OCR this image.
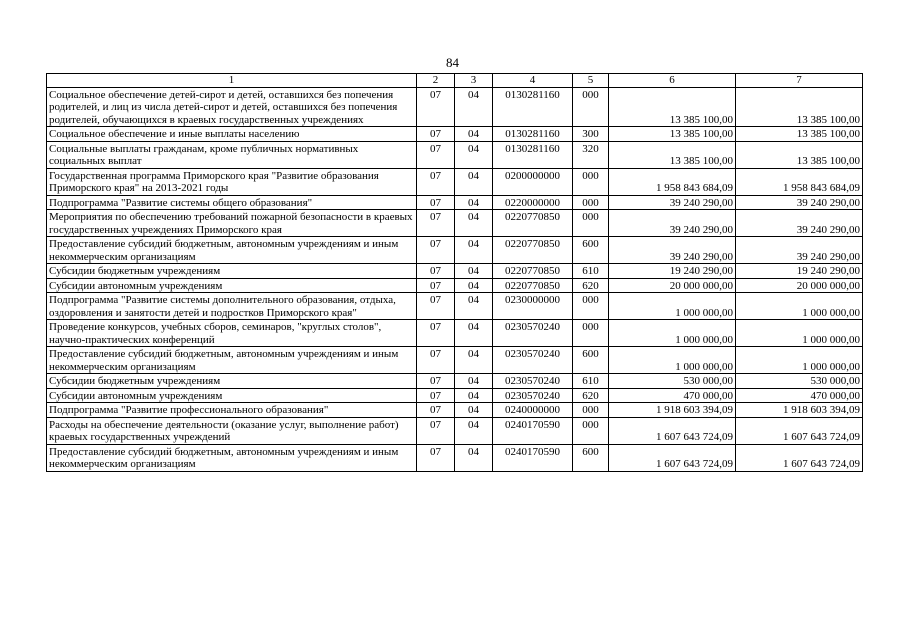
84
1	2	3	4	5	6	7
Социальное обеспечение детей-сирот и детей, оставшихся без попечения родителей, и лиц из числа детей-сирот и детей, оставшихся без попечения родителей, обучающихся в краевых государственных учреждениях	07	04	0130281160	000	13 385 100,00	13 385 100,00
Социальное обеспечение и иные выплаты населению	07	04	0130281160	300	13 385 100,00	13 385 100,00
Социальные выплаты гражданам, кроме публичных нормативных социальных выплат	07	04	0130281160	320	13 385 100,00	13 385 100,00
Государственная программа Приморского края "Развитие образования Приморского края" на 2013-2021 годы	07	04	0200000000	000	1 958 843 684,09	1 958 843 684,09
Подпрограмма "Развитие системы общего образования"	07	04	0220000000	000	39 240 290,00	39 240 290,00
Мероприятия по обеспечению требований пожарной безопасности в краевых государственных учреждениях Приморского края	07	04	0220770850	000	39 240 290,00	39 240 290,00
Предоставление субсидий бюджетным, автономным учреждениям и иным некоммерческим организациям	07	04	0220770850	600	39 240 290,00	39 240 290,00
Субсидии бюджетным учреждениям	07	04	0220770850	610	19 240 290,00	19 240 290,00
Субсидии автономным учреждениям	07	04	0220770850	620	20 000 000,00	20 000 000,00
Подпрограмма "Развитие системы дополнительного образования, отдыха, оздоровления и занятости детей и подростков Приморского края"	07	04	0230000000	000	1 000 000,00	1 000 000,00
Проведение конкурсов, учебных сборов, семинаров, "круглых столов", научно-практических конференций	07	04	0230570240	000	1 000 000,00	1 000 000,00
Предоставление субсидий бюджетным, автономным учреждениям и иным некоммерческим организациям	07	04	0230570240	600	1 000 000,00	1 000 000,00
Субсидии бюджетным учреждениям	07	04	0230570240	610	530 000,00	530 000,00
Субсидии автономным учреждениям	07	04	0230570240	620	470 000,00	470 000,00
Подпрограмма "Развитие профессионального образования"	07	04	0240000000	000	1 918 603 394,09	1 918 603 394,09
Расходы на обеспечение деятельности (оказание услуг, выполнение работ) краевых государственных учреждений	07	04	0240170590	000	1 607 643 724,09	1 607 643 724,09
Предоставление субсидий бюджетным, автономным учреждениям и иным некоммерческим организациям	07	04	0240170590	600	1 607 643 724,09	1 607 643 724,09
